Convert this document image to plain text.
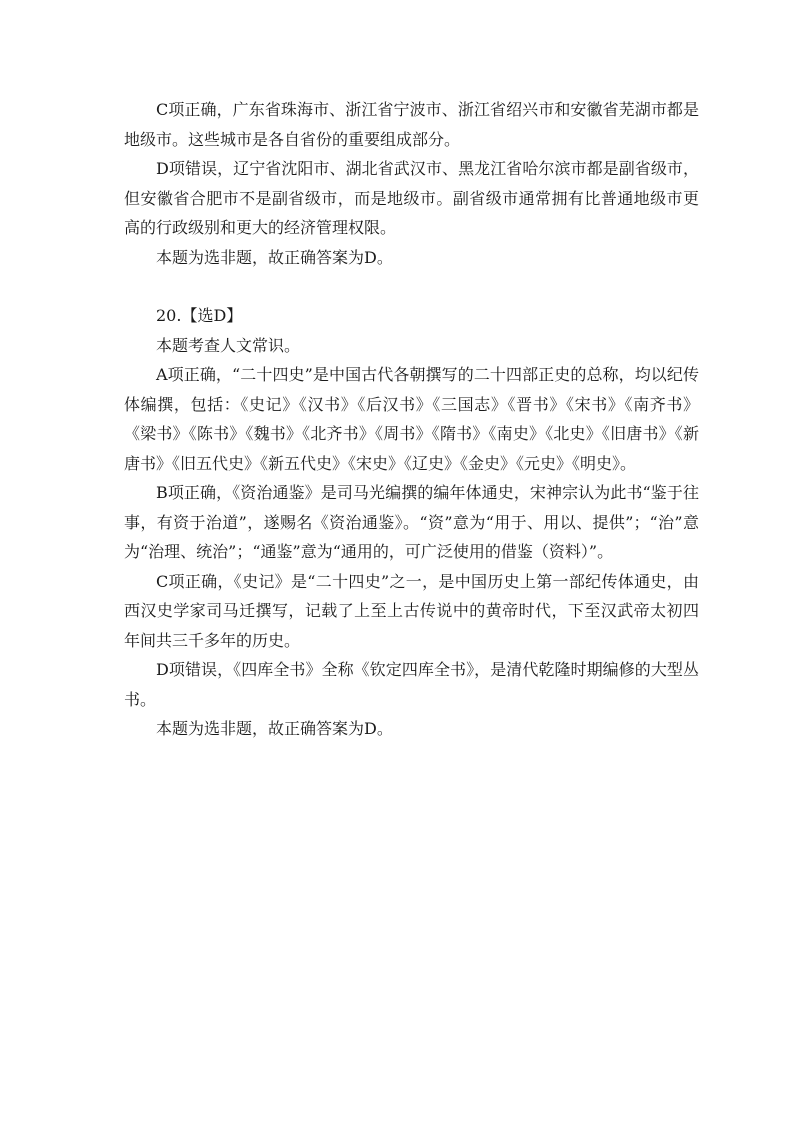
C项正确，广东省珠海市、浙江省宁波市、浙江省绍兴市和安徽省芜湖市都是地级市。这些城市是各自省份的重要组成部分。

D项错误，辽宁省沈阳市、湖北省武汉市、黑龙江省哈尔滨市都是副省级市，但安徽省合肥市不是副省级市，而是地级市。副省级市通常拥有比普通地级市更高的行政级别和更大的经济管理权限。

本题为选非题，故正确答案为D。

20.【选D】

本题考查人文常识。

A项正确，“二十四史”是中国古代各朝撰写的二十四部正史的总称，均以纪传体编撰，包括：《史记》《汉书》《后汉书》《三国志》《晋书》《宋书》《南齐书》《梁书》《陈书》《魏书》《北齐书》《周书》《隋书》《南史》《北史》《旧唐书》《新唐书》《旧五代史》《新五代史》《宋史》《辽史》《金史》《元史》《明史》。

B项正确，《资治通鉴》是司马光编撰的编年体通史，宋神宗认为此书“鉴于往事，有资于治道”，遂赐名《资治通鉴》。“资”意为“用于、用以、提供”；“治”意为“治理、统治”；“通鉴”意为“通用的，可广泛使用的借鉴（资料）”。

C项正确，《史记》是“二十四史”之一，是中国历史上第一部纪传体通史，由西汉史学家司马迁撰写，记载了上至上古传说中的黄帝时代，下至汉武帝太初四年间共三千多年的历史。

D项错误，《四库全书》全称《钦定四库全书》，是清代乾隆时期编修的大型丛书。

本题为选非题，故正确答案为D。
